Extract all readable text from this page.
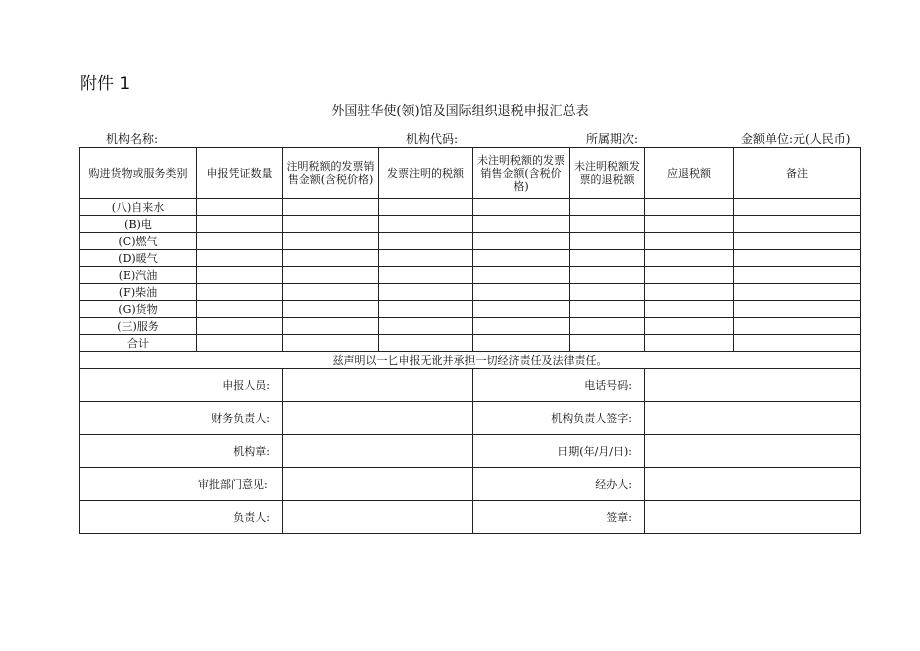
附件 1
外国驻华使(领)馆及国际组织退税申报汇总表
机构名称:	机构代码:	所属期次:	金额单位:元(人民币)
购进货物或服务类别	申报凭证数量	注明税额的发票销售金额(含税价格)	发票注明的税额	未注明税额的发票销售金额(含税价格)	未注明税额发票的退税额	应退税额	备注
(八)自来水							
(B)电							
(C)燃气							
(D)暖气							
(E)汽油							
(F)柴油							
(G)货物							
(三)服务							
合计							
兹声明以一匕申报无讹并承担一切经济责任及法律责任。							
申报人员:				电话号码:			
财务负责人:				机构负责人签字:			
机构章:				日期(年/月/日):			
审批部门意见:				经办人:			
负责人:				签章:			
